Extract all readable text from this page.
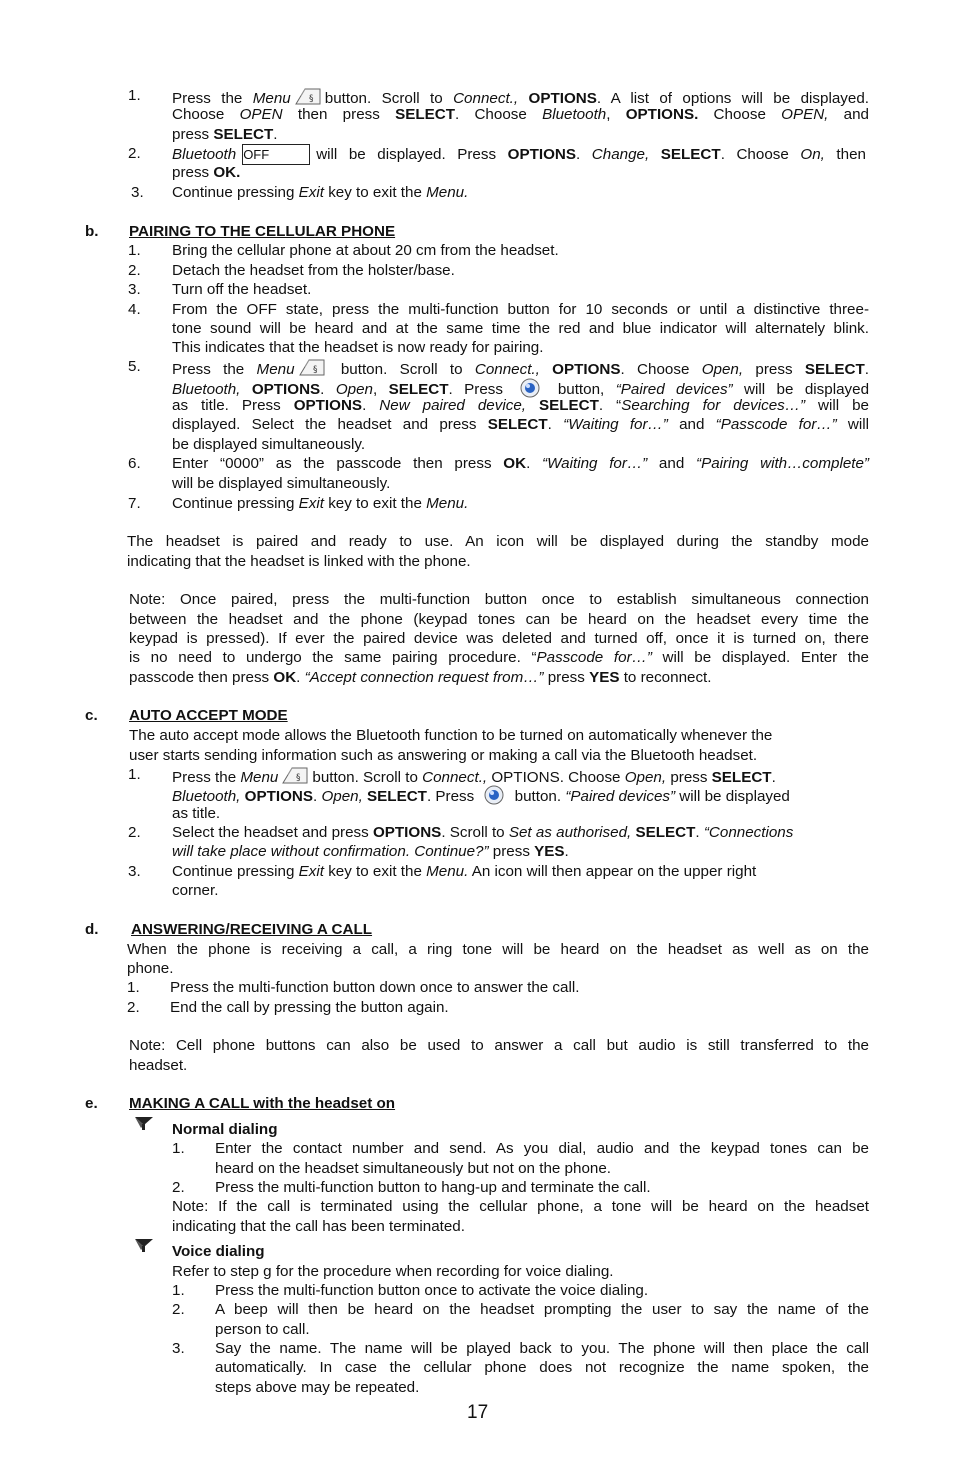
1. Press the Menu button. Scroll to Connect., OPTIONS. A list of options will be displayed.
Choose OPEN then press SELECT. Choose Bluetooth, OPTIONS. Choose OPEN, and
press SELECT.
2. Bluetooth OFF	will be displayed. Press OPTIONS. Change, SELECT. Choose On, then
press OK.
3. Continue pressing Exit key to exit the Menu.
b. PAIRING TO THE CELLULAR PHONE
1. Bring the cellular phone at about 20 cm from the headset.
2. Detach the headset from the holster/base.
3. Turn off the headset.
4. From the OFF state, press the multi-function button for 10 seconds or until a distinctive three-
tone sound will be heard and at the same time the red and blue indicator will alternately blink.
This indicates that the headset is now ready for pairing.
5. Press the Menu button. Scroll to Connect., OPTIONS. Choose Open, press SELECT.
Bluetooth, OPTIONS. Open, SELECT. Press  button, “Paired devices” will be displayed
as title. Press OPTIONS. New paired device, SELECT. “Searching for devices…” will be
displayed. Select the headset and press SELECT. “Waiting for…” and “Passcode for…” will
be displayed simultaneously.
6. Enter “0000” as the passcode then press OK. “Waiting for…” and “Pairing with…complete”
will be displayed simultaneously.
7. Continue pressing Exit key to exit the Menu.
The headset is paired and ready to use. An icon will be displayed during the standby mode
indicating that the headset is linked with the phone.
Note: Once paired, press the multi-function button once to establish simultaneous connection
between the headset and the phone (keypad tones can be heard on the headset every time the
keypad is pressed). If ever the paired device was deleted and turned off, once it is turned on, there
is no need to undergo the same pairing procedure. “Passcode for…” will be displayed. Enter the
passcode then press OK. “Accept connection request from…” press YES to reconnect.
c. AUTO ACCEPT MODE
The auto accept mode allows the Bluetooth function to be turned on automatically whenever the
user starts sending information such as answering or making a call via the Bluetooth headset.
1. Press the Menu button. Scroll to Connect., OPTIONS. Choose Open, press SELECT.
Bluetooth, OPTIONS. Open, SELECT. Press  button. “Paired devices” will be displayed
as title.
2. Select the headset and press OPTIONS. Scroll to Set as authorised, SELECT. “Connections
will take place without confirmation. Continue?” press YES.
3. Continue pressing Exit key to exit the Menu. An icon will then appear on the upper right
corner.
d. ANSWERING/RECEIVING A CALL
When the phone is receiving a call, a ring tone will be heard on the headset as well as on the
phone.
1. Press the multi-function button down once to answer the call.
2. End the call by pressing the button again.
Note: Cell phone buttons can also be used to answer a call but audio is still transferred to the
headset.
e. MAKING A CALL with the headset on
Normal dialing
1. Enter the contact number and send. As you dial, audio and the keypad tones can be
heard on the headset simultaneously but not on the phone.
2. Press the multi-function button to hang-up and terminate the call.
Note: If the call is terminated using the cellular phone, a tone will be heard on the headset
indicating that the call has been terminated.
Voice dialing
Refer to step g for the procedure when recording for voice dialing.
1. Press the multi-function button once to activate the voice dialing.
2. A beep will then be heard on the headset prompting the user to say the name of the
person to call.
3. Say the name. The name will be played back to you. The phone will then place the call
automatically. In case the cellular phone does not recognize the name spoken, the
steps above may be repeated.
17
